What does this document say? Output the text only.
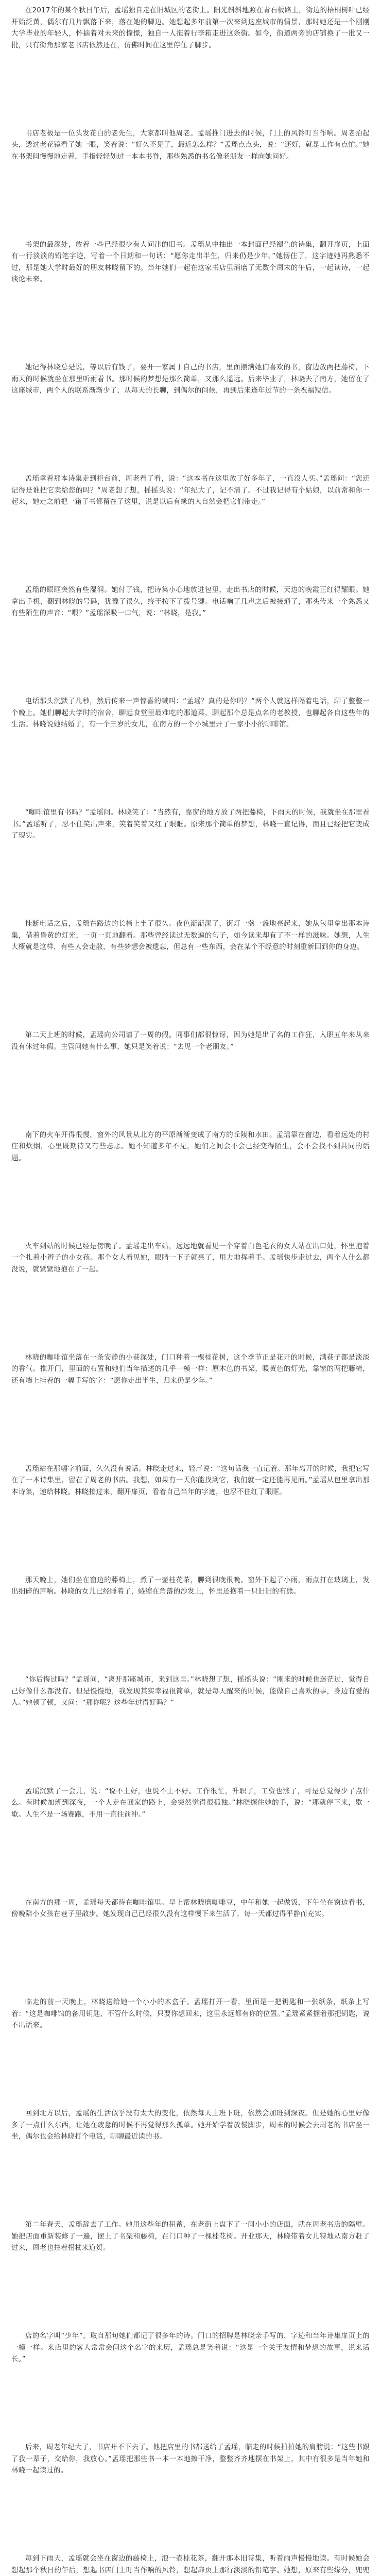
在2017年的某个秋日午后，孟瑶独自走在旧城区的老街上。阳光斜斜地照在青石板路上，街边的梧桐树叶已经开始泛黄，偶尔有几片飘落下来，落在她的脚边。她想起多年前第一次来到这座城市的情景，那时她还是一个刚刚大学毕业的年轻人，怀揣着对未来的憧憬，独自一人拖着行李箱走进这条街。如今，街道两旁的店铺换了一批又一批，只有街角那家老书店依然还在，仿佛时间在这里停住了脚步。

书店老板是一位头发花白的老先生，大家都叫他周老。孟瑶推门进去的时候，门上的风铃叮当作响。周老抬起头，透过老花镜看了她一眼，笑着说：“好久不见了，最近怎么样？”孟瑶点点头，说：“还好，就是工作有点忙。”她在书架间慢慢地走着，手指轻轻划过一本本书脊，那些熟悉的书名像老朋友一样向她问好。

书架的最深处，放着一些已经很少有人问津的旧书。孟瑶从中抽出一本封面已经褪色的诗集，翻开扉页，上面有一行淡淡的铅笔字迹，写着一个日期和一句话：“愿你走出半生，归来仍是少年。”她愣住了，这字迹她再熟悉不过，那是她大学时最好的朋友林晓留下的。当年她们一起在这家书店里消磨了无数个周末的午后，一起读诗，一起谈论未来。

她记得林晓总是说，等以后有钱了，要开一家属于自己的书店，里面摆满她们喜欢的书，窗边放两把藤椅，下雨天的时候就坐在那里听雨看书。那时候的梦想是那么简单，又那么遥远。后来毕业了，林晓去了南方，她留在了这座城市，两个人的联系渐渐少了，从每天的长聊，到偶尔的问候，再到后来逢年过节的一条祝福短信。

孟瑶拿着那本诗集走到柜台前，周老看了看，说：“这本书在这里放了好多年了，一直没人买。”孟瑶问：“您还记得是谁把它卖给您的吗？”周老想了想，摇摇头说：“年纪大了，记不清了。不过我记得有个姑娘，以前常和你一起来，她走之前把一箱子书都留在了这里，说是以后有缘的人自然会把它们带走。”

孟瑶的眼眶突然有些湿润。她付了钱，把诗集小心地放进包里，走出书店的时候，天边的晚霞正红得耀眼。她拿出手机，翻到林晓的号码，犹豫了很久，终于按下了拨号键。电话响了几声之后被接通了，那头传来一个熟悉又有些陌生的声音：“喂？”孟瑶深吸一口气，说：“林晓，是我。”

电话那头沉默了几秒，然后传来一声惊喜的喊叫：“孟瑶？真的是你吗？”两个人就这样隔着电话，聊了整整一个晚上。她们聊起大学时的宿舍，聊起食堂里最难吃的那道菜，聊起那个总是点名的老教授，也聊起各自这些年的生活。林晓说她结婚了，有一个三岁的女儿，在南方的一个小城里开了一家小小的咖啡馆。

“咖啡馆里有书吗？”孟瑶问。林晓笑了：“当然有，靠窗的地方放了两把藤椅，下雨天的时候，我就坐在那里看书。”孟瑶听了，忍不住笑出声来，笑着笑着又红了眼眶。原来那个简单的梦想，林晓一直记得，而且已经把它变成了现实。

挂断电话之后，孟瑶在路边的长椅上坐了很久。夜色渐渐深了，街灯一盏一盏地亮起来，她从包里拿出那本诗集，借着昏黄的灯光，一页一页地翻看。那些曾经读过无数遍的句子，如今读来却有了不一样的滋味。她想，人生大概就是这样，有些人会走散，有些梦想会被遗忘，但总有一些东西，会在某个不经意的时刻重新回到你的身边。

第二天上班的时候，孟瑶向公司请了一周的假。同事们都很惊讶，因为她是出了名的工作狂，入职五年来从来没有休过年假。主管问她有什么事，她只是笑着说：“去见一个老朋友。”

南下的火车开得很慢，窗外的风景从北方的平原渐渐变成了南方的丘陵和水田。孟瑶靠在窗边，看着远处的村庄和炊烟，心里既期待又有些忐忑。她不知道多年不见，她们之间会不会已经变得陌生，会不会找不到共同的话题。

火车到站的时候已经是傍晚了。孟瑶走出车站，远远地就看见一个穿着白色毛衣的女人站在出口处，怀里抱着一个扎着小辫子的小女孩。那个女人看见她，眼睛一下子就亮了，用力地挥着手。孟瑶快步走过去，两个人什么都没说，就紧紧地抱在了一起。

林晓的咖啡馆坐落在一条安静的小巷深处，门口种着一棵桂花树，这个季节正是花开的时候，满巷子都是淡淡的香气。推开门，里面的布置和她们当年描述的几乎一模一样：原木色的书架，暖黄色的灯光，靠窗的两把藤椅，还有墙上挂着的一幅手写的字：“愿你走出半生，归来仍是少年。”

孟瑶站在那幅字前面，久久没有说话。林晓走过来，轻声说：“这句话我一直记着。那年离开的时候，我把它写在了一本诗集里，留在了周老的书店。我想，如果有一天你能找到它，我们就一定还能再见面。”孟瑶从包里拿出那本诗集，递给林晓。林晓接过来，翻开扉页，看着自己当年的字迹，也忍不住红了眼眶。

那天晚上，她们坐在窗边的藤椅上，煮了一壶桂花茶，聊到很晚很晚。窗外下起了小雨，雨点打在玻璃上，发出细碎的声响。林晓的女儿已经睡着了，蜷缩在角落的沙发上，怀里还抱着一只旧旧的布熊。

“你后悔过吗？”孟瑶问，“离开那座城市，来到这里。”林晓想了想，摇摇头说：“刚来的时候也迷茫过，觉得自己好像什么都没有。但是慢慢地，我发现其实幸福很简单，就是每天醒来的时候，能做自己喜欢的事，身边有爱的人。”她顿了顿，又问：“那你呢？这些年过得好吗？”

孟瑶沉默了一会儿，说：“说不上好，也说不上不好。工作很忙，升职了，工资也涨了，可是总觉得少了点什么。有时候加班到深夜，一个人走在回家的路上，会突然觉得很孤独。”林晓握住她的手，说：“那就停下来，歇一歇。人生不是一场赛跑，不用一直往前冲。”

在南方的那一周，孟瑶每天都待在咖啡馆里。早上帮林晓磨咖啡豆，中午和她一起做饭，下午坐在窗边看书，傍晚陪小女孩在巷子里散步。她发现自己已经很久没有这样慢下来生活了，每一天都过得平静而充实。

临走的前一天晚上，林晓送给她一个小小的木盒子。孟瑶打开一看，里面是一把钥匙和一张纸条，纸条上写着：“这是咖啡馆的备用钥匙，不管什么时候，只要你想回来，这里永远都有你的位置。”孟瑶紧紧握着那把钥匙，说不出话来。

回到北方以后，孟瑶的生活似乎没有太大的变化，依然每天上班下班，依然会加班到深夜。但是她的心里好像多了一点什么东西，让她在疲惫的时候不再觉得那么孤单。她开始学着放慢脚步，周末的时候会去周老的书店坐一坐，偶尔也会给林晓打个电话，聊聊最近读的书。

第二年春天，孟瑶辞去了工作。她用这些年的积蓄，在老街上盘下了一间小小的店面，就在周老书店的隔壁。她把店面重新装修了一遍，摆上了书架和藤椅，在门口种了一棵桂花树。开业那天，林晓带着女儿特地从南方赶了过来，周老也拄着拐杖来道贺。

店的名字叫“少年”，取自那句她们都记了很多年的诗。门口的招牌是林晓亲手写的，字迹和当年诗集扉页上的一模一样。来店里的客人常常会问这个名字的来历，孟瑶总是笑着说：“这是一个关于友情和梦想的故事，说来话长。”

后来，周老年纪大了，书店开不下去了。他把店里的书都送给了孟瑶，临走的时候拍拍她的肩膀说：“这些书跟了我一辈子，交给你，我放心。”孟瑶把那些书一本一本地擦干净，整整齐齐地摆在书架上，其中有很多是当年她和林晓一起读过的。

每到下雨天，孟瑶就会坐在窗边的藤椅上，泡一壶桂花茶，翻开那本旧诗集，听着雨声慢慢地读。有时候她会想起那个秋日的午后，想起书店门上叮当作响的风铃，想起扉页上那行淡淡的铅笔字。她想，原来有些缘分，兜兜
